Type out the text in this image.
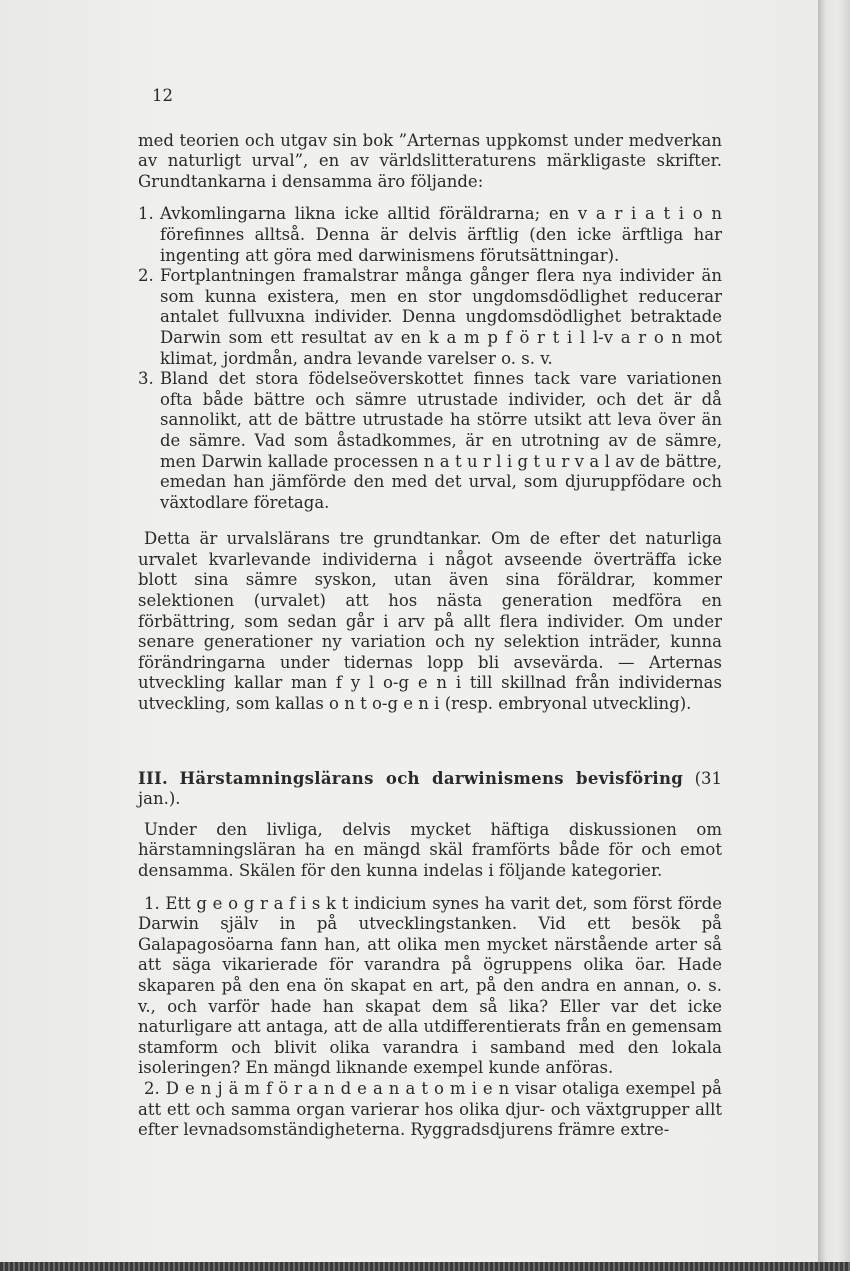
12

med teorien och utgav sin bok ”Arternas uppkomst under medverkan av naturligt urval”, en av världslitteraturens märkligaste skrifter. Grundtankarna i densamma äro följande:

1. Avkomlingarna likna icke alltid föräldrarna; en v a r i a t i o n förefinnes alltså. Denna är delvis ärftlig (den icke ärftliga har ingenting att göra med darwinismens förutsättningar).
2. Fortplantningen framalstrar många gånger flera nya individer än som kunna existera, men en stor ungdomsdödlighet reducerar antalet fullvuxna individer. Denna ungdomsdödlighet betraktade Darwin som ett resultat av en k a m p f ö r t i l l-v a r o n mot klimat, jordmån, andra levande varelser o. s. v.
3. Bland det stora födelseöverskottet finnes tack vare variationen ofta både bättre och sämre utrustade individer, och det är då sannolikt, att de bättre utrustade ha större utsikt att leva över än de sämre. Vad som åstadkommes, är en utrotning av de sämre, men Darwin kallade processen n a t u r l i g t u r v a l av de bättre, emedan han jämförde den med det urval, som djuruppfödare och växtodlare företaga.

Detta är urvalslärans tre grundtankar. Om de efter det naturliga urvalet kvarlevande individerna i något avseende överträffa icke blott sina sämre syskon, utan även sina föräldrar, kommer selektionen (urvalet) att hos nästa generation medföra en förbättring, som sedan går i arv på allt flera individer. Om under senare generationer ny variation och ny selektion inträder, kunna förändringarna under tidernas lopp bli avsevärda. — Arternas utveckling kallar man f y l o-g e n i till skillnad från individernas utveckling, som kallas o n t o-g e n i (resp. embryonal utveckling).

III. Härstamningslärans och darwinismens bevisföring (31 jan.).

Under den livliga, delvis mycket häftiga diskussionen om härstamningsläran ha en mängd skäl framförts både för och emot densamma. Skälen för den kunna indelas i följande kategorier.

1. Ett g e o g r a f i s k t indicium synes ha varit det, som först förde Darwin själv in på utvecklingstanken. Vid ett besök på Galapagosöarna fann han, att olika men mycket närstående arter så att säga vikarierade för varandra på ögruppens olika öar. Hade skaparen på den ena ön skapat en art, på den andra en annan, o. s. v., och varför hade han skapat dem så lika? Eller var det icke naturligare att antaga, att de alla utdifferentierats från en gemensam stamform och blivit olika varandra i samband med den lokala isoleringen? En mängd liknande exempel kunde anföras.

2. D e n j ä m f ö r a n d e a n a t o m i e n visar otaliga exempel på att ett och samma organ varierar hos olika djur- och växtgrupper allt efter levnadsomständigheterna. Ryggradsdjurens främre extre-
